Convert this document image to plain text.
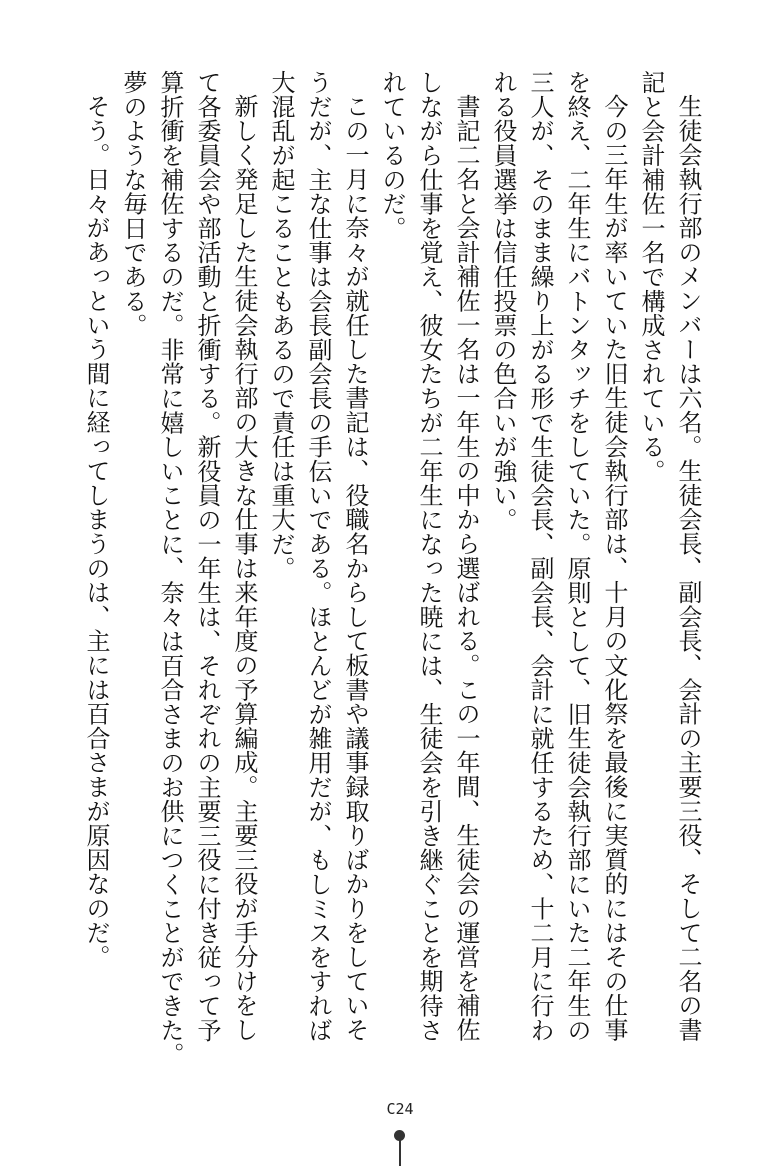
生徒会執行部のメンバーは六名。生徒会長、副会長、会計の主要三役、そして二名の書
記と会計補佐一名で構成されている。
今の三年生が率いていた旧生徒会執行部は、十月の文化祭を最後に実質的にはその仕事
を終え、二年生にバトンタッチをしていた。原則として、旧生徒会執行部にいた二年生の
三人が、そのまま繰り上がる形で生徒会長、副会長、会計に就任するため、十二月に行わ
れる役員選挙は信任投票の色合いが強い。
書記二名と会計補佐一名は一年生の中から選ばれる。この一年間、生徒会の運営を補佐
しながら仕事を覚え、彼女たちが二年生になった暁には、生徒会を引き継ぐことを期待さ
れているのだ。
この一月に奈々が就任した書記は、役職名からして板書や議事録取りばかりをしていそ
うだが、主な仕事は会長副会長の手伝いである。ほとんどが雑用だが、もしミスをすれば
大混乱が起こることもあるので責任は重大だ。
新しく発足した生徒会執行部の大きな仕事は来年度の予算編成。主要三役が手分けをし
て各委員会や部活動と折衝する。新役員の一年生は、それぞれの主要三役に付き従って予
算折衝を補佐するのだ。非常に嬉しいことに、奈々は百合さまのお供につくことができた。
夢のような毎日である。
そう。日々があっという間に経ってしまうのは、主には百合さまが原因なのだ。
C24
